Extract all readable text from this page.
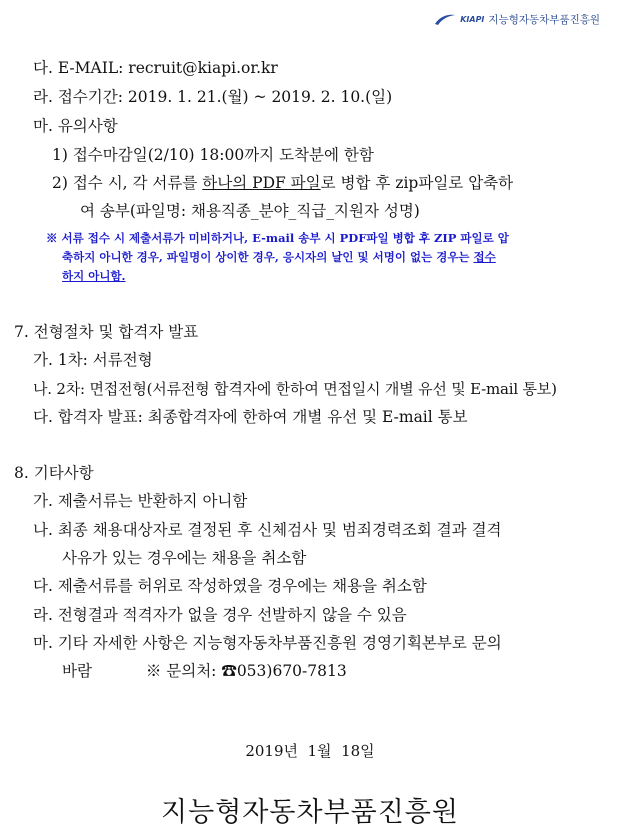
KIAPI 지능형자동차부품진흥원
다. E-MAIL: recruit@kiapi.or.kr
라. 접수기간: 2019. 1. 21.(월) ~ 2019. 2. 10.(일)
마. 유의사항
1) 접수마감일(2/10) 18:00까지 도착분에 한함
2) 접수 시, 각 서류를 하나의 PDF 파일로 병합 후 zip파일로 압축하
여 송부(파일명: 채용직종_분야_직급_지원자 성명)
※ 서류 접수 시 제출서류가 미비하거나, E-mail 송부 시 PDF파일 병합 후 ZIP 파일로 압
축하지 아니한 경우, 파일명이 상이한 경우, 응시자의 날인 및 서명이 없는 경우는 접수
하지 아니함.
7. 전형절차 및 합격자 발표
가. 1차: 서류전형
나. 2차: 면접전형(서류전형 합격자에 한하여 면접일시 개별 유선 및 E-mail 통보)
다. 합격자 발표: 최종합격자에 한하여 개별 유선 및 E-mail 통보
8. 기타사항
가. 제출서류는 반환하지 아니함
나. 최종 채용대상자로 결정된 후 신체검사 및 범죄경력조회 결과 결격
사유가 있는 경우에는 채용을 취소함
다. 제출서류를 허위로 작성하였을 경우에는 채용을 취소함
라. 전형결과 적격자가 없을 경우 선발하지 않을 수 있음
마. 기타 자세한 사항은 지능형자동차부품진흥원 경영기획본부로 문의
바람	※ 문의처: ☎053)670-7813
2019년  1월  18일
지능형자동차부품진흥원
